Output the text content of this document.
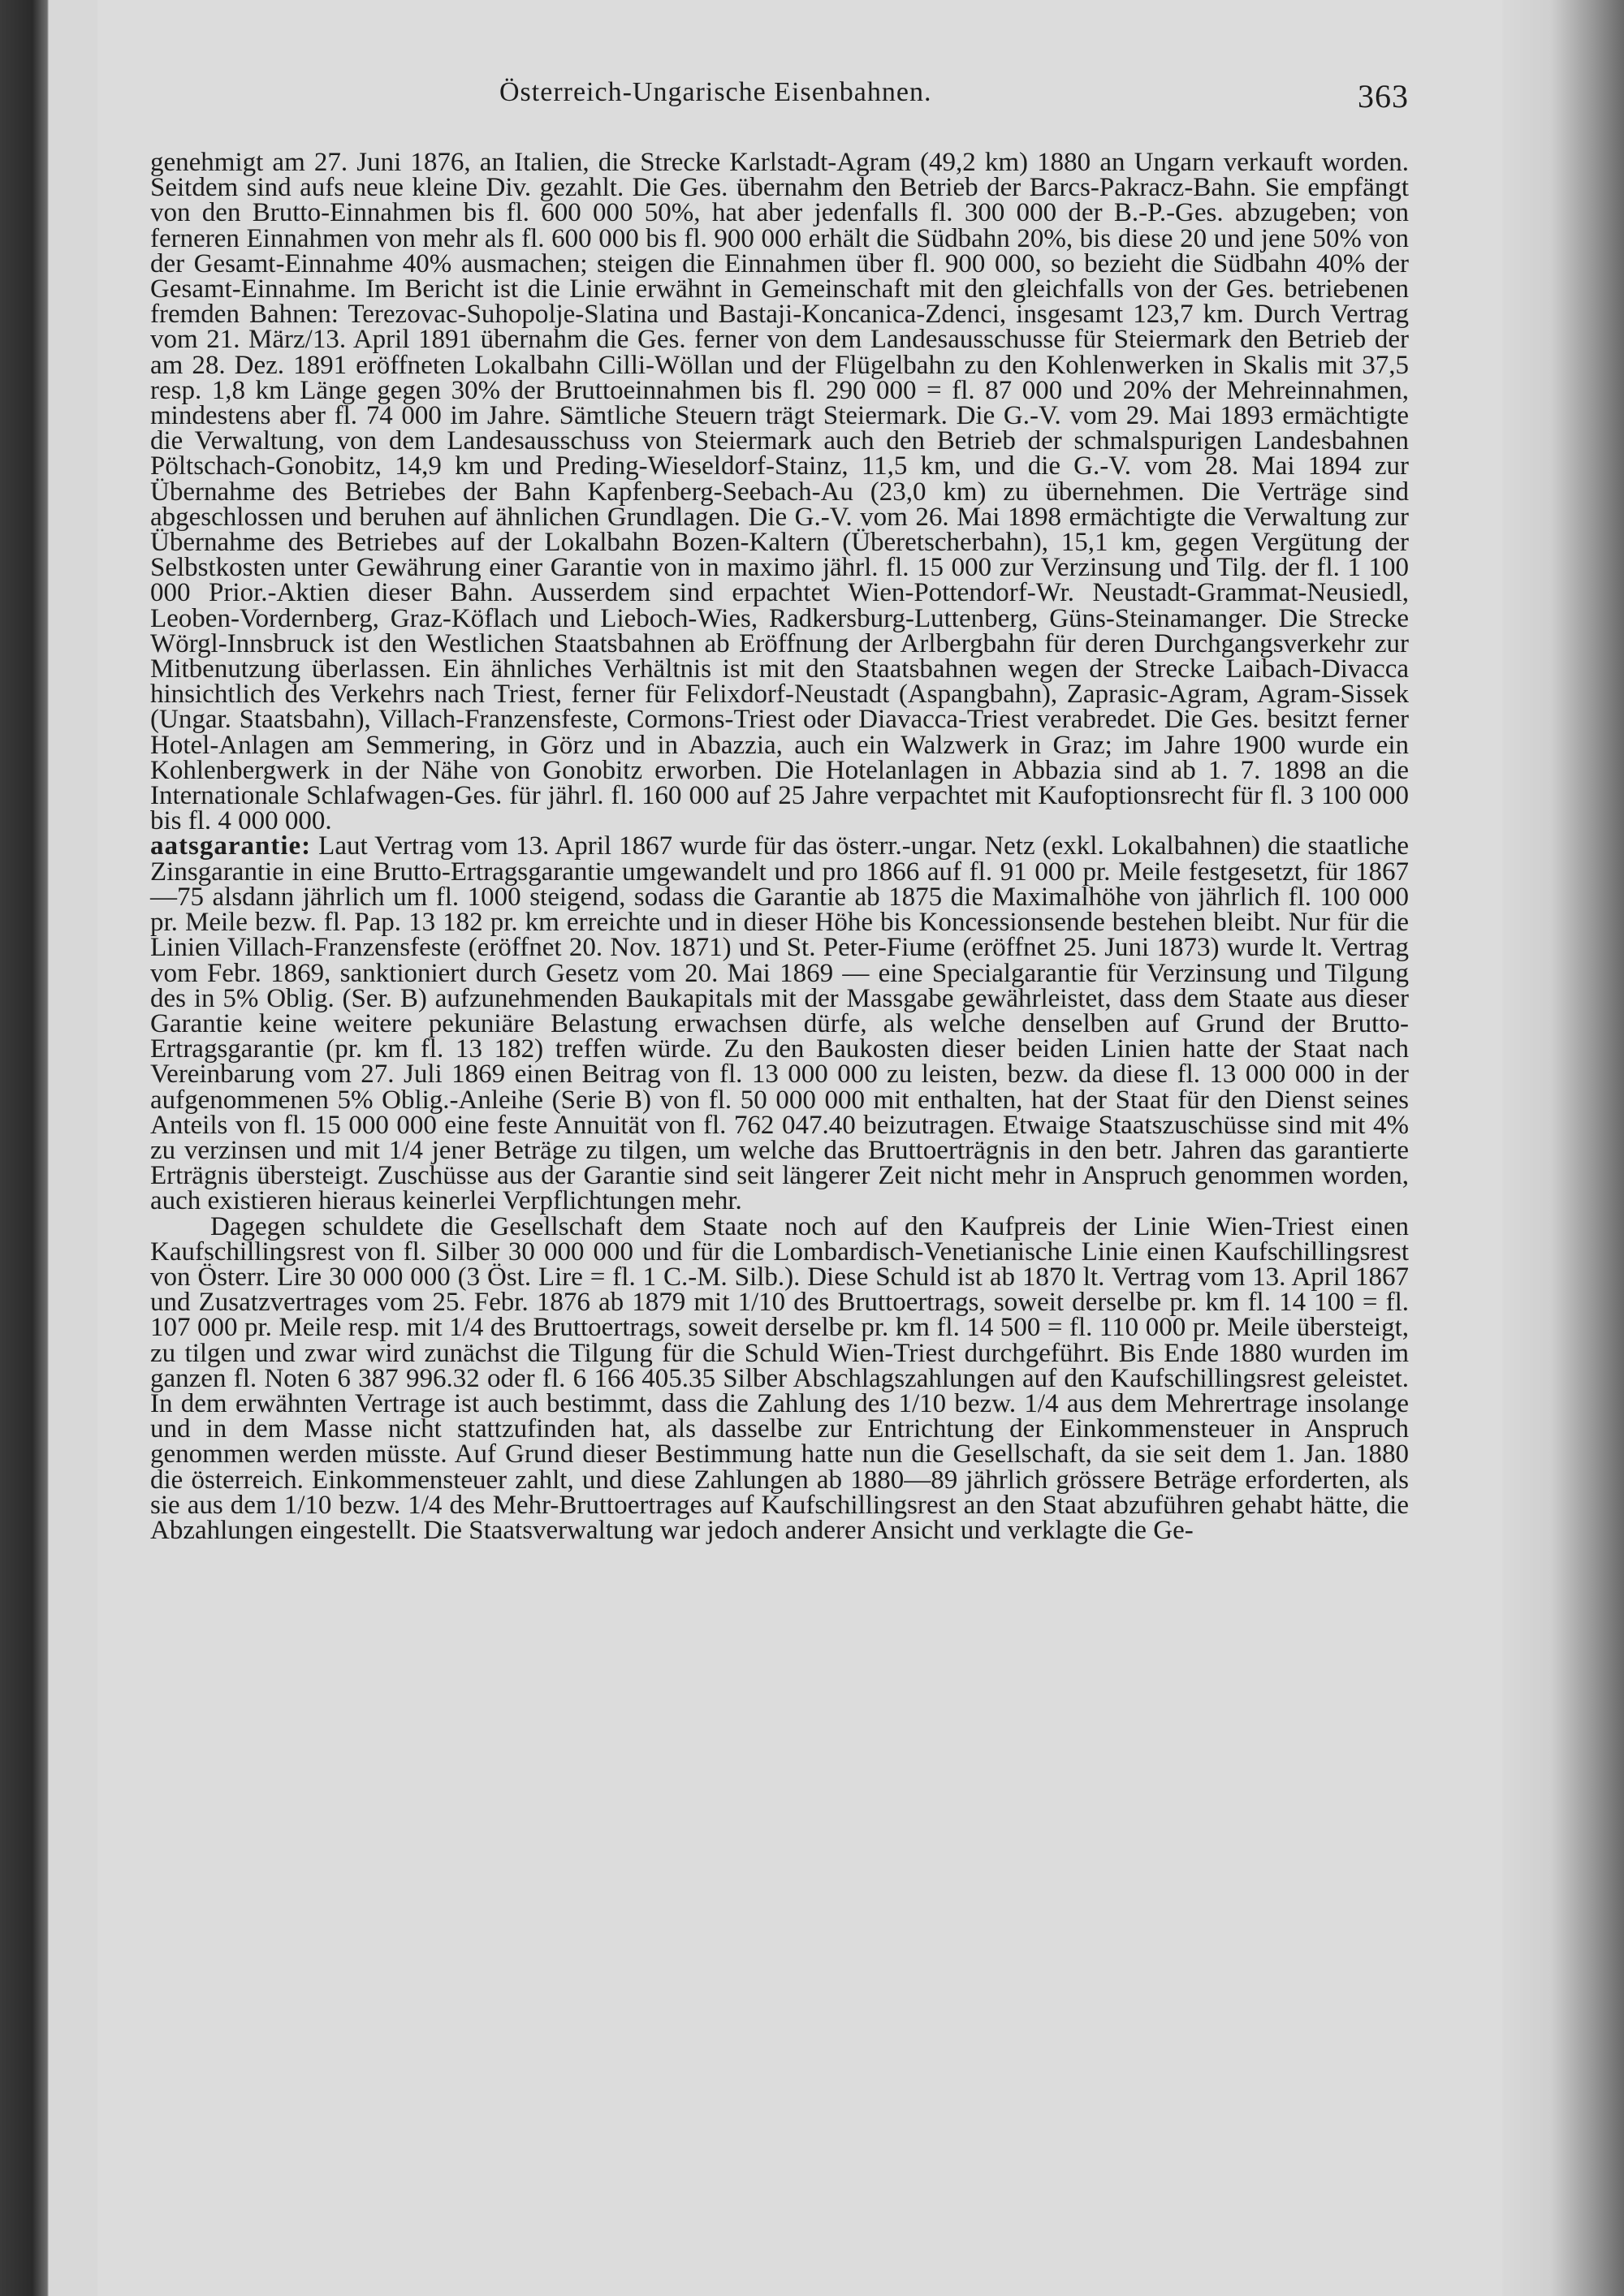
Österreich-Ungarische Eisenbahnen.	363

genehmigt am 27. Juni 1876, an Italien, die Strecke Karlstadt-Agram (49,2 km) 1880 an Ungarn verkauft worden. Seitdem sind aufs neue kleine Div. gezahlt. Die Ges. übernahm den Betrieb der Barcs-Pakracz-Bahn. Sie empfängt von den Brutto-Einnahmen bis fl. 600 000 50%, hat aber jedenfalls fl. 300 000 der B.-P.-Ges. abzugeben; von ferneren Einnahmen von mehr als fl. 600 000 bis fl. 900 000 erhält die Südbahn 20%, bis diese 20 und jene 50% von der Gesamt-Einnahme 40% ausmachen; steigen die Einnahmen über fl. 900 000, so bezieht die Südbahn 40% der Gesamt-Einnahme. Im Bericht ist die Linie erwähnt in Gemeinschaft mit den gleichfalls von der Ges. betriebenen fremden Bahnen: Terezovac-Suhopolje-Slatina und Bastaji-Koncanica-Zdenci, insgesamt 123,7 km. Durch Vertrag vom 21. März/13. April 1891 übernahm die Ges. ferner von dem Landesausschusse für Steiermark den Betrieb der am 28. Dez. 1891 eröffneten Lokalbahn Cilli-Wöllan und der Flügelbahn zu den Kohlenwerken in Skalis mit 37,5 resp. 1,8 km Länge gegen 30% der Bruttoeinnahmen bis fl. 290 000 = fl. 87 000 und 20% der Mehreinnahmen, mindestens aber fl. 74 000 im Jahre. Sämtliche Steuern trägt Steiermark. Die G.-V. vom 29. Mai 1893 ermächtigte die Verwaltung, von dem Landesausschuss von Steiermark auch den Betrieb der schmalspurigen Landesbahnen Pöltschach-Gonobitz, 14,9 km und Preding-Wieseldorf-Stainz, 11,5 km, und die G.-V. vom 28. Mai 1894 zur Übernahme des Betriebes der Bahn Kapfenberg-Seebach-Au (23,0 km) zu übernehmen. Die Verträge sind abgeschlossen und beruhen auf ähnlichen Grundlagen. Die G.-V. vom 26. Mai 1898 ermächtigte die Verwaltung zur Übernahme des Betriebes auf der Lokalbahn Bozen-Kaltern (Überetscherbahn), 15,1 km, gegen Vergütung der Selbstkosten unter Gewährung einer Garantie von in maximo jährl. fl. 15 000 zur Verzinsung und Tilg. der fl. 1 100 000 Prior.-Aktien dieser Bahn. Ausserdem sind erpachtet Wien-Pottendorf-Wr. Neustadt-Grammat-Neusiedl, Leoben-Vordernberg, Graz-Köflach und Lieboch-Wies, Radkersburg-Luttenberg, Güns-Steinamanger. Die Strecke Wörgl-Innsbruck ist den Westlichen Staatsbahnen ab Eröffnung der Arlbergbahn für deren Durchgangsverkehr zur Mitbenutzung überlassen. Ein ähnliches Verhältnis ist mit den Staatsbahnen wegen der Strecke Laibach-Divacca hinsichtlich des Verkehrs nach Triest, ferner für Felixdorf-Neustadt (Aspangbahn), Zaprasic-Agram, Agram-Sissek (Ungar. Staatsbahn), Villach-Franzensfeste, Cormons-Triest oder Diavacca-Triest verabredet. Die Ges. besitzt ferner Hotel-Anlagen am Semmering, in Görz und in Abazzia, auch ein Walzwerk in Graz; im Jahre 1900 wurde ein Kohlenbergwerk in der Nähe von Gonobitz erworben. Die Hotelanlagen in Abbazia sind ab 1. 7. 1898 an die Internationale Schlafwagen-Ges. für jährl. fl. 160 000 auf 25 Jahre verpachtet mit Kaufoptionsrecht für fl. 3 100 000 bis fl. 4 000 000.

aatsgarantie: Laut Vertrag vom 13. April 1867 wurde für das österr.-ungar. Netz (exkl. Lokalbahnen) die staatliche Zinsgarantie in eine Brutto-Ertragsgarantie umgewandelt und pro 1866 auf fl. 91 000 pr. Meile festgesetzt, für 1867—75 alsdann jährlich um fl. 1000 steigend, sodass die Garantie ab 1875 die Maximalhöhe von jährlich fl. 100 000 pr. Meile bezw. fl. Pap. 13 182 pr. km erreichte und in dieser Höhe bis Koncessionsende bestehen bleibt. Nur für die Linien Villach-Franzensfeste (eröffnet 20. Nov. 1871) und St. Peter-Fiume (eröffnet 25. Juni 1873) wurde lt. Vertrag vom Febr. 1869, sanktioniert durch Gesetz vom 20. Mai 1869 — eine Specialgarantie für Verzinsung und Tilgung des in 5% Oblig. (Ser. B) aufzunehmenden Baukapitals mit der Massgabe gewährleistet, dass dem Staate aus dieser Garantie keine weitere pekuniäre Belastung erwachsen dürfe, als welche denselben auf Grund der Brutto-Ertragsgarantie (pr. km fl. 13 182) treffen würde. Zu den Baukosten dieser beiden Linien hatte der Staat nach Vereinbarung vom 27. Juli 1869 einen Beitrag von fl. 13 000 000 zu leisten, bezw. da diese fl. 13 000 000 in der aufgenommenen 5% Oblig.-Anleihe (Serie B) von fl. 50 000 000 mit enthalten, hat der Staat für den Dienst seines Anteils von fl. 15 000 000 eine feste Annuität von fl. 762 047.40 beizutragen. Etwaige Staatszuschüsse sind mit 4% zu verzinsen und mit 1/4 jener Beträge zu tilgen, um welche das Bruttoerträgnis in den betr. Jahren das garantierte Erträgnis übersteigt. Zuschüsse aus der Garantie sind seit längerer Zeit nicht mehr in Anspruch genommen worden, auch existieren hieraus keinerlei Verpflichtungen mehr.

Dagegen schuldete die Gesellschaft dem Staate noch auf den Kaufpreis der Linie Wien-Triest einen Kaufschillingsrest von fl. Silber 30 000 000 und für die Lombardisch-Venetianische Linie einen Kaufschillingsrest von Österr. Lire 30 000 000 (3 Öst. Lire = fl. 1 C.-M. Silb.). Diese Schuld ist ab 1870 lt. Vertrag vom 13. April 1867 und Zusatzvertrages vom 25. Febr. 1876 ab 1879 mit 1/10 des Bruttoertrags, soweit derselbe pr. km fl. 14 100 = fl. 107 000 pr. Meile resp. mit 1/4 des Bruttoertrags, soweit derselbe pr. km fl. 14 500 = fl. 110 000 pr. Meile übersteigt, zu tilgen und zwar wird zunächst die Tilgung für die Schuld Wien-Triest durchgeführt. Bis Ende 1880 wurden im ganzen fl. Noten 6 387 996.32 oder fl. 6 166 405.35 Silber Abschlagszahlungen auf den Kaufschillingsrest geleistet. In dem erwähnten Vertrage ist auch bestimmt, dass die Zahlung des 1/10 bezw. 1/4 aus dem Mehrertrage insolange und in dem Masse nicht stattzufinden hat, als dasselbe zur Entrichtung der Einkommensteuer in Anspruch genommen werden müsste. Auf Grund dieser Bestimmung hatte nun die Gesellschaft, da sie seit dem 1. Jan. 1880 die österreich. Einkommensteuer zahlt, und diese Zahlungen ab 1880—89 jährlich grössere Beträge erforderten, als sie aus dem 1/10 bezw. 1/4 des Mehr-Bruttoertrages auf Kaufschillingsrest an den Staat abzuführen gehabt hätte, die Abzahlungen eingestellt. Die Staatsverwaltung war jedoch anderer Ansicht und verklagte die Ge-
